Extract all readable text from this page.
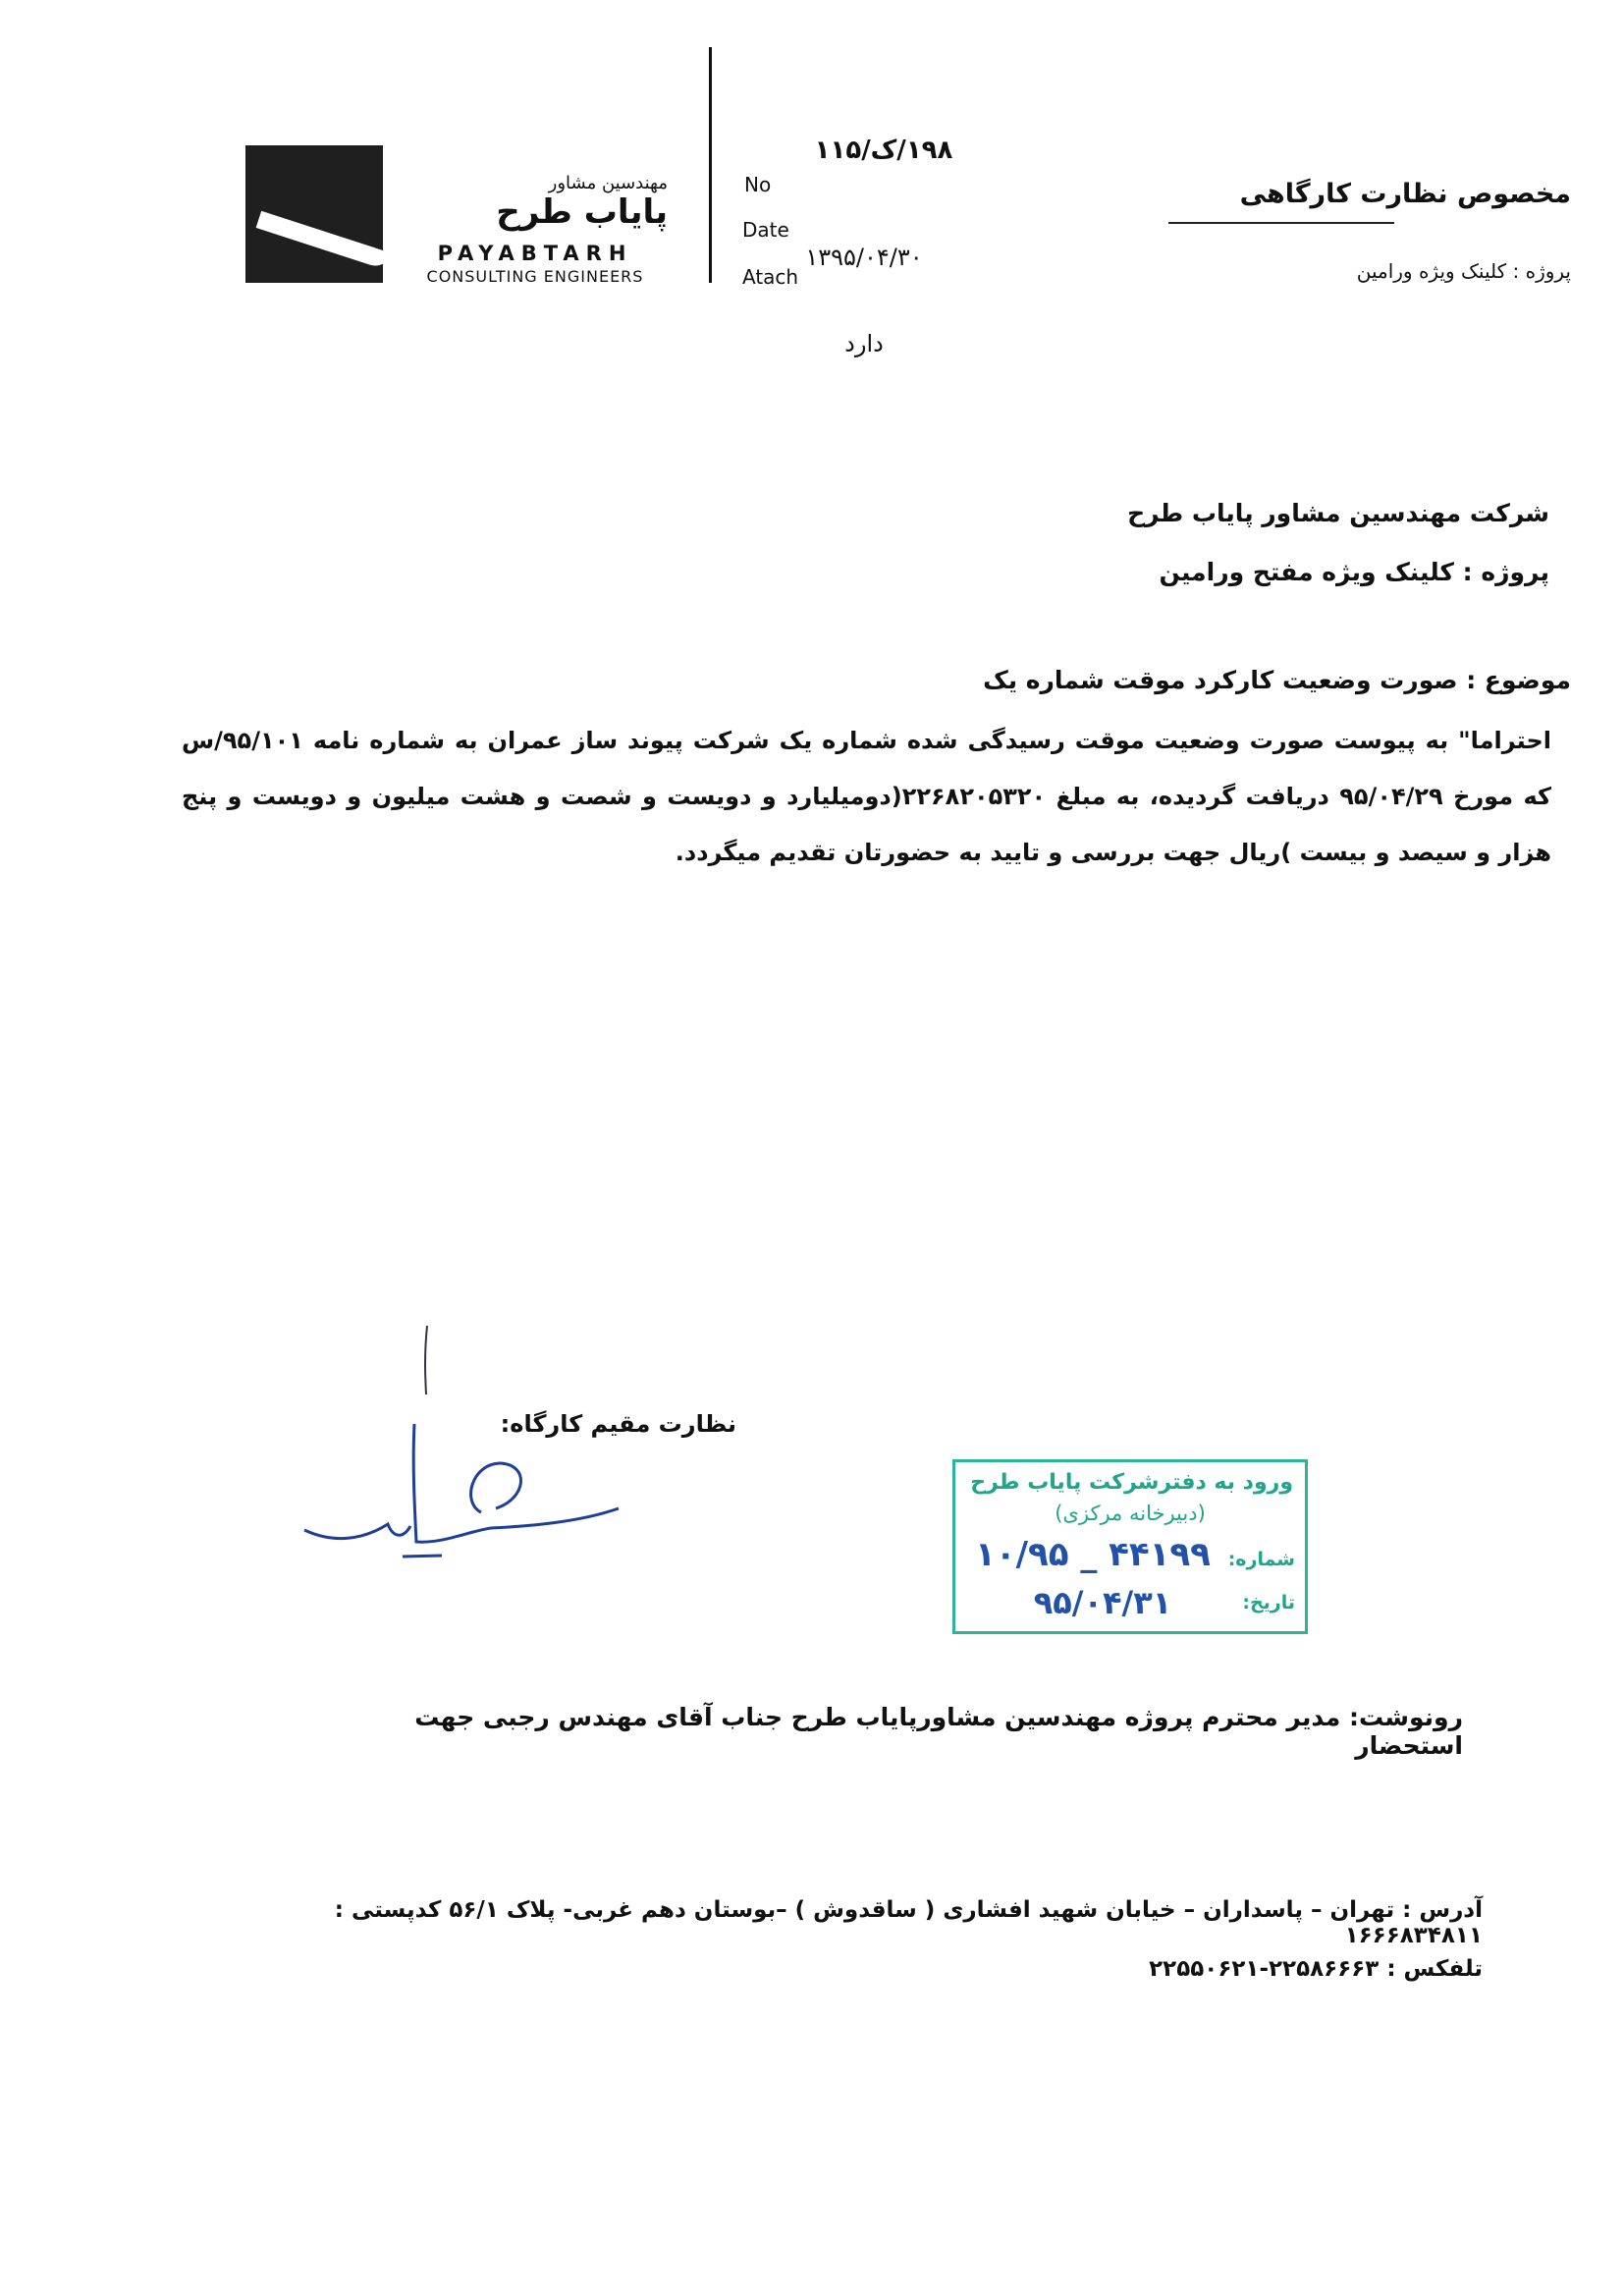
مهندسین مشاور
پایاب طرح
PAYABTARH
CONSULTING ENGINEERS
No
Date
Atach
۱۹۸/ک/۱۱۵
۱۳۹۵/۰۴/۳۰
دارد
مخصوص نظارت کارگاهی
پروژه : کلینک ویژه ورامین
شرکت مهندسین مشاور پایاب طرح
پروژه : کلینک ویژه مفتح ورامین
موضوع : صورت وضعیت کارکرد موقت شماره یک
احتراما" به پیوست صورت وضعیت موقت رسیدگی شده شماره یک شرکت پیوند ساز عمران به شماره نامه ۹۵/۱۰۱/س که مورخ ۹۵/۰۴/۲۹ دریافت گردیده، به مبلغ ۲۲۶۸۲۰۵۳۲۰(دومیلیارد و دویست و شصت و هشت میلیون و دویست و پنج هزار و سیصد و بیست )ریال جهت بررسی و تایید به حضورتان تقدیم میگردد.
نظارت مقیم کارگاه:
ورود به دفترشرکت پایاب طرح
(دبیرخانه مرکزی)
شماره:
۱۰/۹۵ _ ۴۴۱۹۹
تاریخ:
۹۵/۰۴/۳۱
رونوشت: مدیر محترم پروژه مهندسین مشاورپایاب طرح جناب آقای مهندس رجبی جهت استحضار
آدرس : تهران – پاسداران – خیابان شهید افشاری ( ساقدوش ) –بوستان دهم غربی- پلاک ۵۶/۱ کدپستی : ۱۶۶۶۸۳۴۸۱۱
تلفکس : ۲۲۵۸۶۶۶۳-۲۲۵۵۰۶۲۱
